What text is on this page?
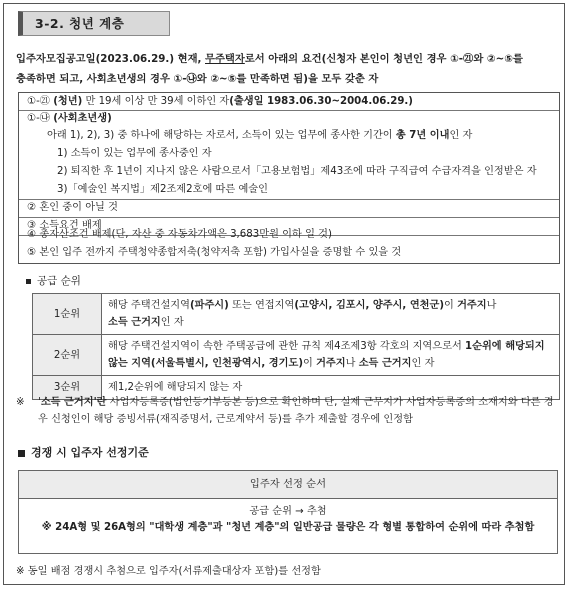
3-2. 청년 계층
입주자모집공고일(2023.06.29.) 현재, 무주택자로서 아래의 요건(신청자 본인이 청년인 경우 ①-㉑와 ②~⑤를
충족하면 되고, 사회초년생의 경우 ①-㉯와 ②~⑤를 만족하면 됨)을 모두 갖춘 자
①-㉑ (청년) 만 19세 이상 만 39세 이하인 자(출생일 1983.06.30~2004.06.29.)
①-㉯ (사회초년생)
아래 1), 2), 3) 중 하나에 해당하는 자로서, 소득이 있는 업무에 종사한 기간이 총 7년 이내인 자
1) 소득이 있는 업무에 종사중인 자
2) 퇴직한 후 1년이 지나지 않은 사람으로서「고용보험법」제43조에 따라 구직급여 수급자격을 인정받은 자
3)「예술인 복지법」제2조제2호에 따른 예술인
② 혼인 중이 아닐 것
③ 소득요건 배제
④ 총자산조건 배제(단, 자산 중 자동차가액은 3,683만원 이하 일 것)
⑤ 본인 입주 전까지 주택청약종합저축(청약저축 포함) 가입사실을 증명할 수 있을 것
공급 순위
1순위	해당 주택건설지역(파주시) 또는 연접지역(고양시, 김포시, 양주시, 연천군)이 거주지나
소득 근거지인 자
2순위	해당 주택건설지역이 속한 주택공급에 관한 규칙 제4조제3항 각호의 지역으로서 1순위에 해당되지 않는 지역(서울특별시, 인천광역시, 경기도)이 거주지나 소득 근거지인 자
3순위	제1,2순위에 해당되지 않는 자
※ '소득 근거지'란 사업자등록증(법인등기부등본 등)으로 확인하며 단, 실제 근무지가 사업자등록증의 소재지와 다른 경우 신청인이 해당 증빙서류(재직증명서, 근로계약서 등)를 추가 제출할 경우에 인정함
경쟁 시 입주자 선정기준
입주자 선정 순서
공급 순위 → 추첨
※ 24A형 및 26A형의 "대학생 계층"과 "청년 계층"의 일반공급 물량은 각 형별 통합하여 순위에 따라 추첨함
※ 동일 배점 경쟁시 추첨으로 입주자(서류제출대상자 포함)를 선정함
